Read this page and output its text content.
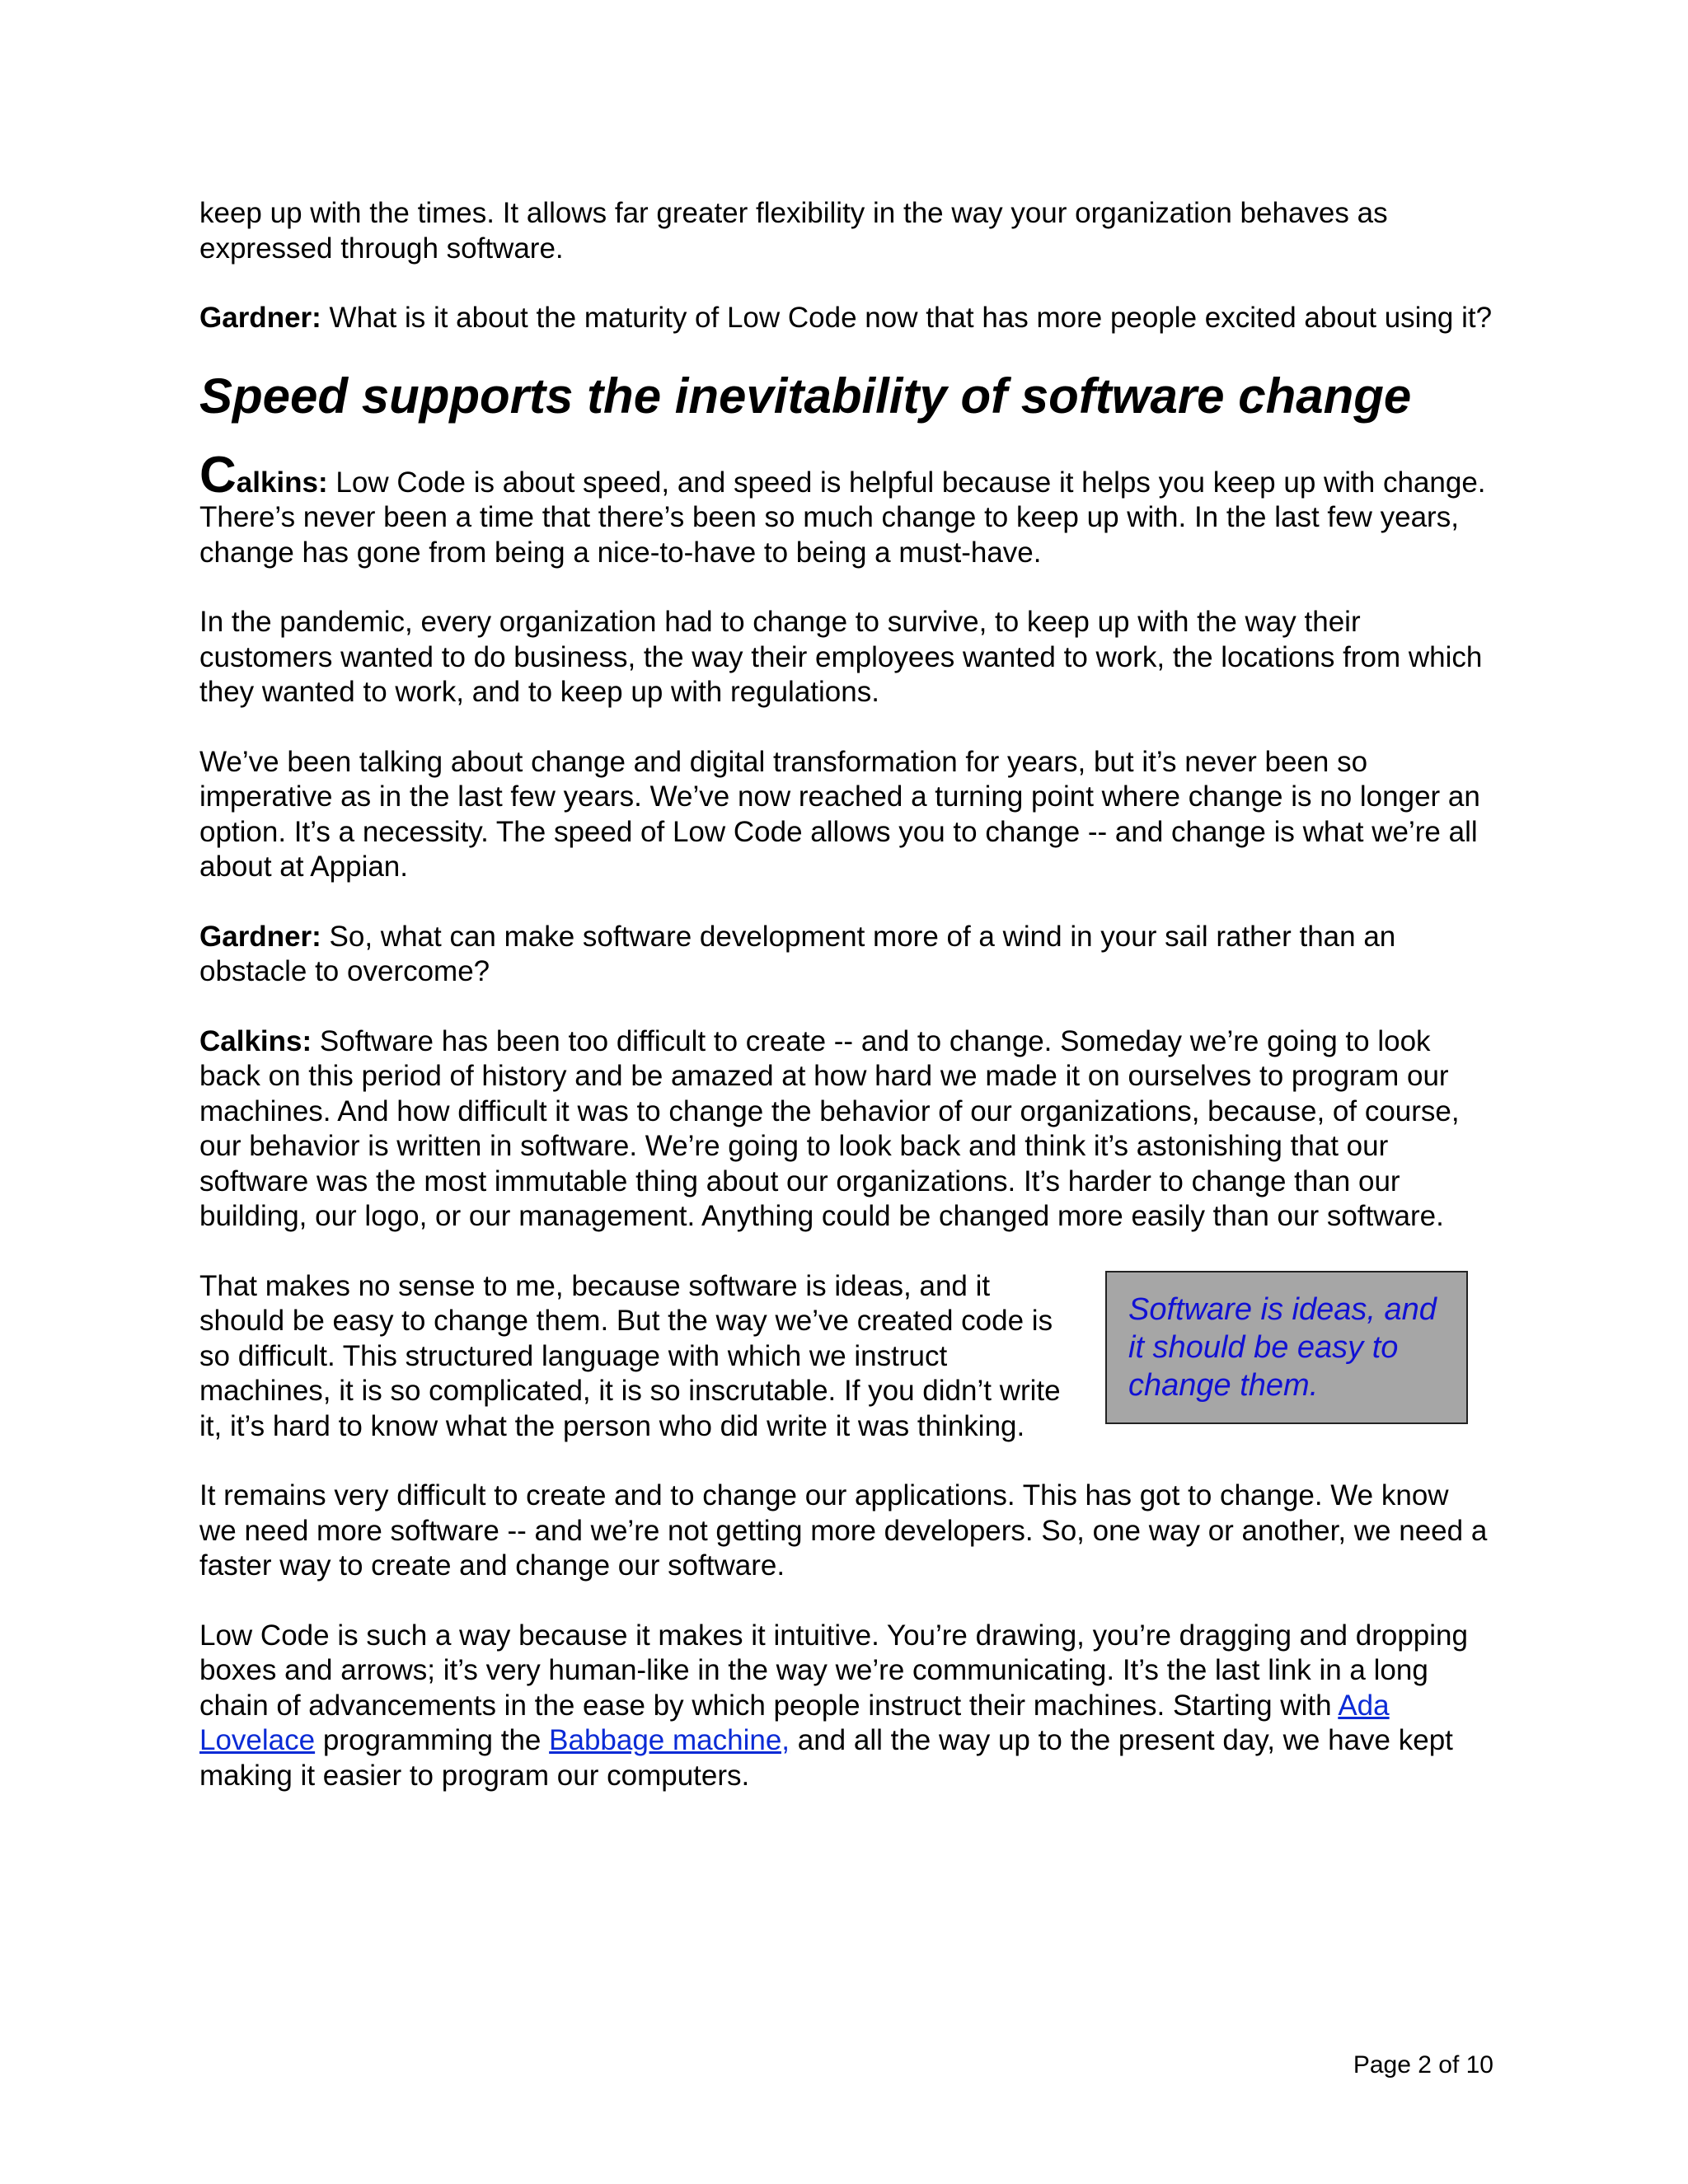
keep up with the times. It allows far greater flexibility in the way your organization behaves as expressed through software.

Gardner: What is it about the maturity of Low Code now that has more people excited about using it?

Speed supports the inevitability of software change

Calkins: Low Code is about speed, and speed is helpful because it helps you keep up with change. There’s never been a time that there’s been so much change to keep up with. In the last few years, change has gone from being a nice-to-have to being a must-have.

In the pandemic, every organization had to change to survive, to keep up with the way their customers wanted to do business, the way their employees wanted to work, the locations from which they wanted to work, and to keep up with regulations.

We’ve been talking about change and digital transformation for years, but it’s never been so imperative as in the last few years. We’ve now reached a turning point where change is no longer an option. It’s a necessity. The speed of Low Code allows you to change -- and change is what we’re all about at Appian.

Gardner: So, what can make software development more of a wind in your sail rather than an obstacle to overcome?

Calkins: Software has been too difficult to create -- and to change. Someday we’re going to look back on this period of history and be amazed at how hard we made it on ourselves to program our machines. And how difficult it was to change the behavior of our organizations, because, of course, our behavior is written in software. We’re going to look back and think it’s astonishing that our software was the most immutable thing about our organizations. It’s harder to change than our building, our logo, or our management. Anything could be changed more easily than our software.

That makes no sense to me, because software is ideas, and it should be easy to change them. But the way we’ve created code is so difficult. This structured language with which we instruct machines, it is so complicated, it is so inscrutable. If you didn’t write it, it’s hard to know what the person who did write it was thinking.

Software is ideas, and it should be easy to change them.

It remains very difficult to create and to change our applications. This has got to change. We know we need more software -- and we’re not getting more developers. So, one way or another, we need a faster way to create and change our software.

Low Code is such a way because it makes it intuitive. You’re drawing, you’re dragging and dropping boxes and arrows; it’s very human-like in the way we’re communicating. It’s the last link in a long chain of advancements in the ease by which people instruct their machines. Starting with Ada Lovelace programming the Babbage machine, and all the way up to the present day, we have kept making it easier to program our computers.

Page 2 of 10
